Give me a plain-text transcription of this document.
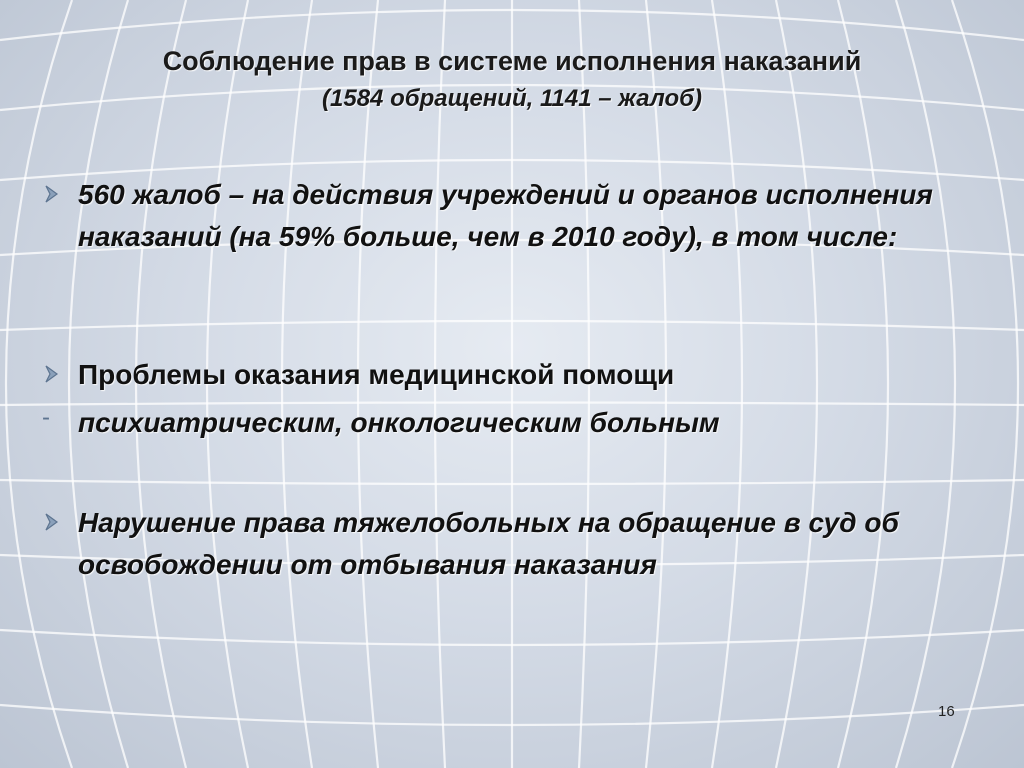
Соблюдение прав в системе исполнения наказаний
(1584 обращений, 1141 – жалоб)
560 жалоб – на действия учреждений и органов исполнения наказаний (на 59% больше, чем в 2010 году), в том числе:
Проблемы оказания медицинской помощи
-	психиатрическим, онкологическим больным
Нарушение права тяжелобольных на обращение в суд об освобождении от отбывания наказания
16
